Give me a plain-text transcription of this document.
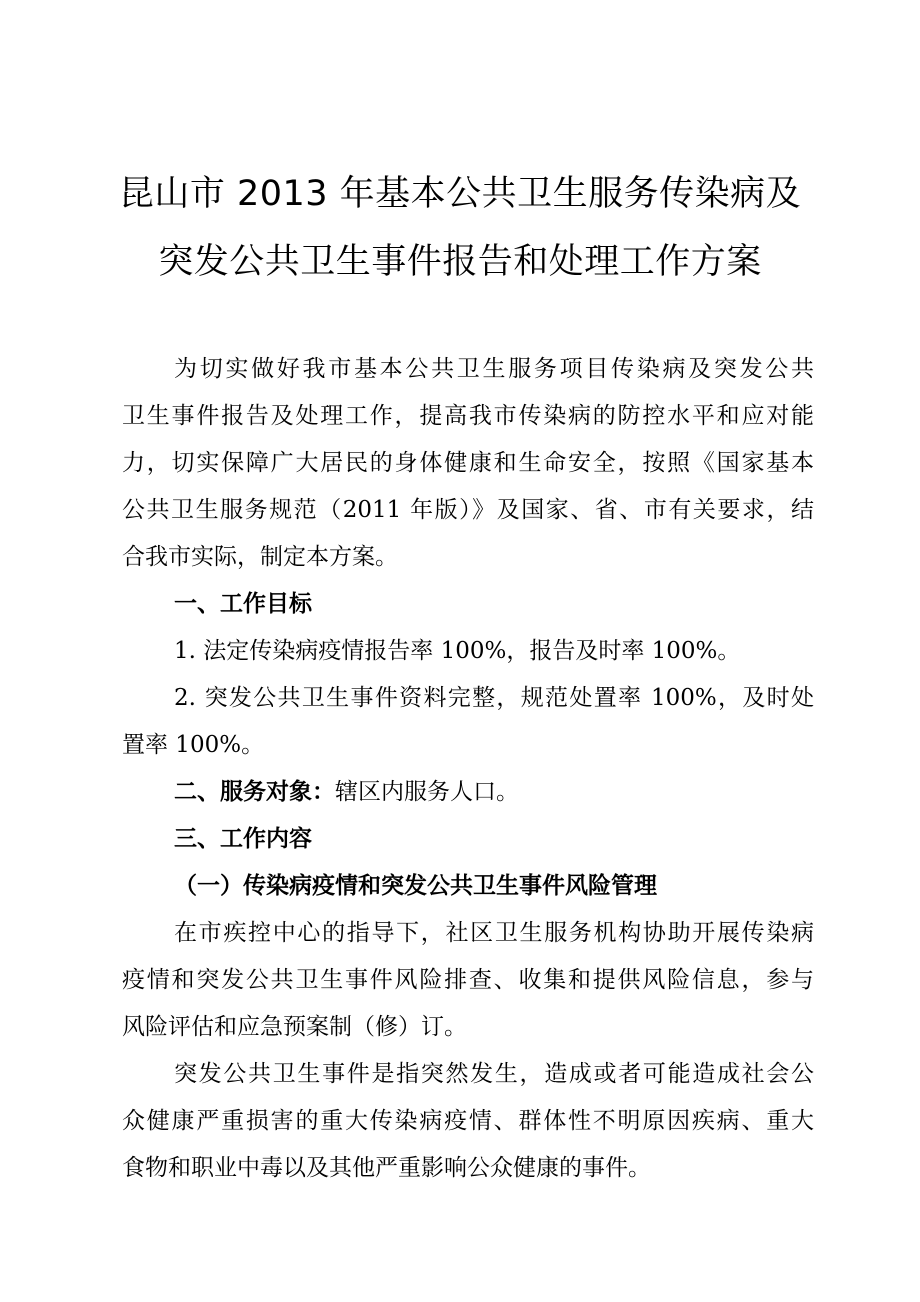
昆山市 2013 年基本公共卫生服务传染病及
突发公共卫生事件报告和处理工作方案
为切实做好我市基本公共卫生服务项目传染病及突发公共
卫生事件报告及处理工作，提高我市传染病的防控水平和应对能
力，切实保障广大居民的身体健康和生命安全，按照《国家基本
公共卫生服务规范（2011 年版）》及国家、省、市有关要求，结
合我市实际，制定本方案。
一、工作目标
1. 法定传染病疫情报告率 100%，报告及时率 100%。
2. 突发公共卫生事件资料完整，规范处置率 100%，及时处
置率 100%。
二、服务对象：辖区内服务人口。
三、工作内容
（一）传染病疫情和突发公共卫生事件风险管理
在市疾控中心的指导下，社区卫生服务机构协助开展传染病
疫情和突发公共卫生事件风险排查、收集和提供风险信息，参与
风险评估和应急预案制（修）订。
突发公共卫生事件是指突然发生，造成或者可能造成社会公
众健康严重损害的重大传染病疫情、群体性不明原因疾病、重大
食物和职业中毒以及其他严重影响公众健康的事件。
